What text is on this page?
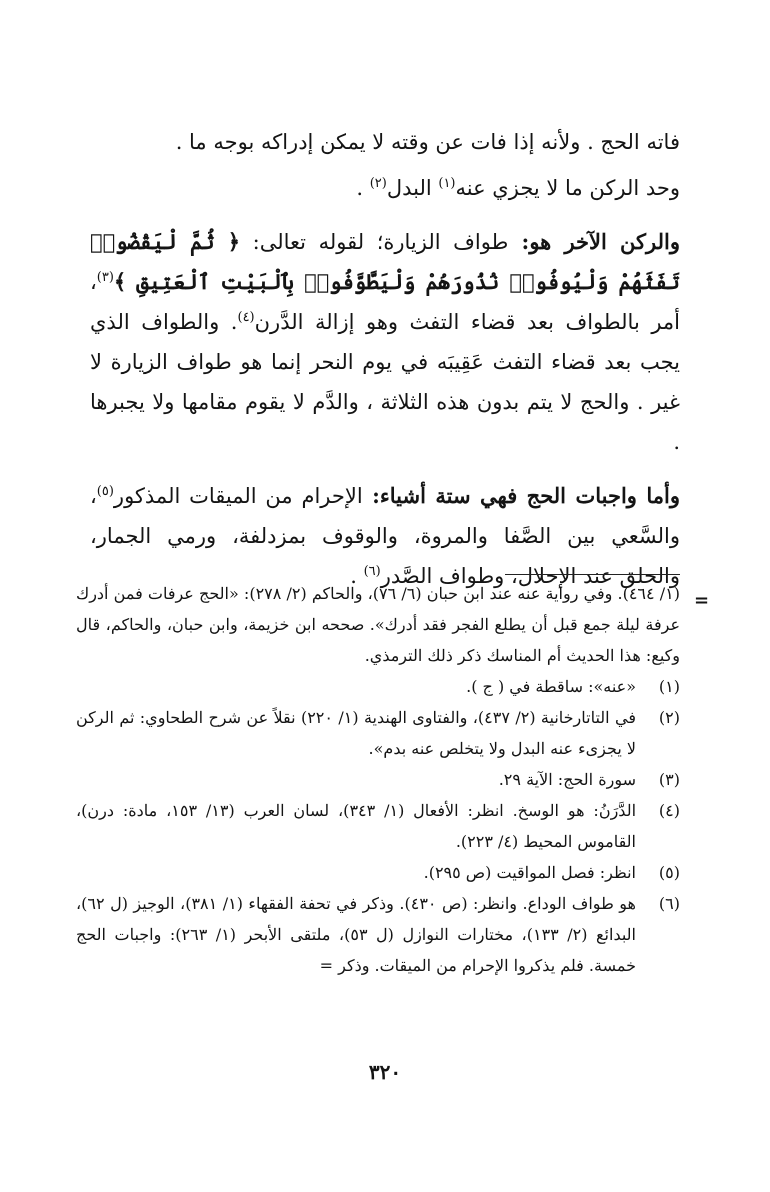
فاته الحج . ولأنه إذا فات عن وقته لا يمكن إدراكه بوجه ما .

وحد الركن ما لا يجزي عنه$^{(١)}$ البدل$^{(٢)}$ .

والركن الآخر هو: طواف الزيارة؛ لقوله تعالى: ﴿ ثُمَّ لْيَقْضُوا۟ تَفَثَهُمْ وَلْيُوفُوا۟ نُذُورَهُمْ وَلْيَطَّوَّفُوا۟ بِٱلْبَيْتِ ٱلْعَتِيقِ ﴾$^{(٣)}$، أمر بالطواف بعد قضاء التفث وهو إزالة الدَّرن$^{(٤)}$. والطواف الذي يجب بعد قضاء التفث عَقِيبَه في يوم النحر إنما هو طواف الزيارة لا غير . والحج لا يتم بدون هذه الثلاثة ، والدَّم لا يقوم مقامها ولا يجبرها .

وأما واجبات الحج فهي ستة أشياء: الإحرام من الميقات المذكور$^{(٥)}$، والسَّعي بين الصَّفا والمروة، والوقوف بمزدلفة، ورمي الجمار، والحلق عند الإحلال، وطواف الصَّدر$^{(٦)}$ .

=

(١/ ٤٦٤). وفي رواية عنه عند ابن حبان (٦/ ٧٦)، والحاكم (٢/ ٢٧٨): «الحج عرفات فمن أدرك عرفة ليلة جمع قبل أن يطلع الفجر فقد أدرك». صححه ابن خزيمة، وابن حبان، والحاكم، قال وكيع: هذا الحديث أم المناسك ذكر ذلك الترمذي.

(١)
«عنه»: ساقطة في ( ج ).

(٢)
في التاتارخانية (٢/ ٤٣٧)، والفتاوى الهندية (١/ ٢٢٠) نقلاً عن شرح الطحاوي: ثم الركن لا يجزىء عنه البدل ولا يتخلص عنه بدم».

(٣)
سورة الحج: الآية ٢٩.

(٤)
الدَّرَنُ: هو الوسخ. انظر: الأفعال (١/ ٣٤٣)، لسان العرب (١٣/ ١٥٣، مادة: درن)، القاموس المحيط (٤/ ٢٢٣).

(٥)
انظر: فصل المواقيت (ص ٢٩٥).

(٦)
هو طواف الوداع. وانظر: (ص ٤٣٠). وذكر في تحفة الفقهاء (١/ ٣٨١)، الوجيز (ل ٦٢)، البدائع (٢/ ١٣٣)، مختارات النوازل (ل ٥٣)، ملتقى الأبحر (١/ ٢٦٣): واجبات الحج خمسة. فلم يذكروا الإحرام من الميقات. وذكر =

٣٢٠
